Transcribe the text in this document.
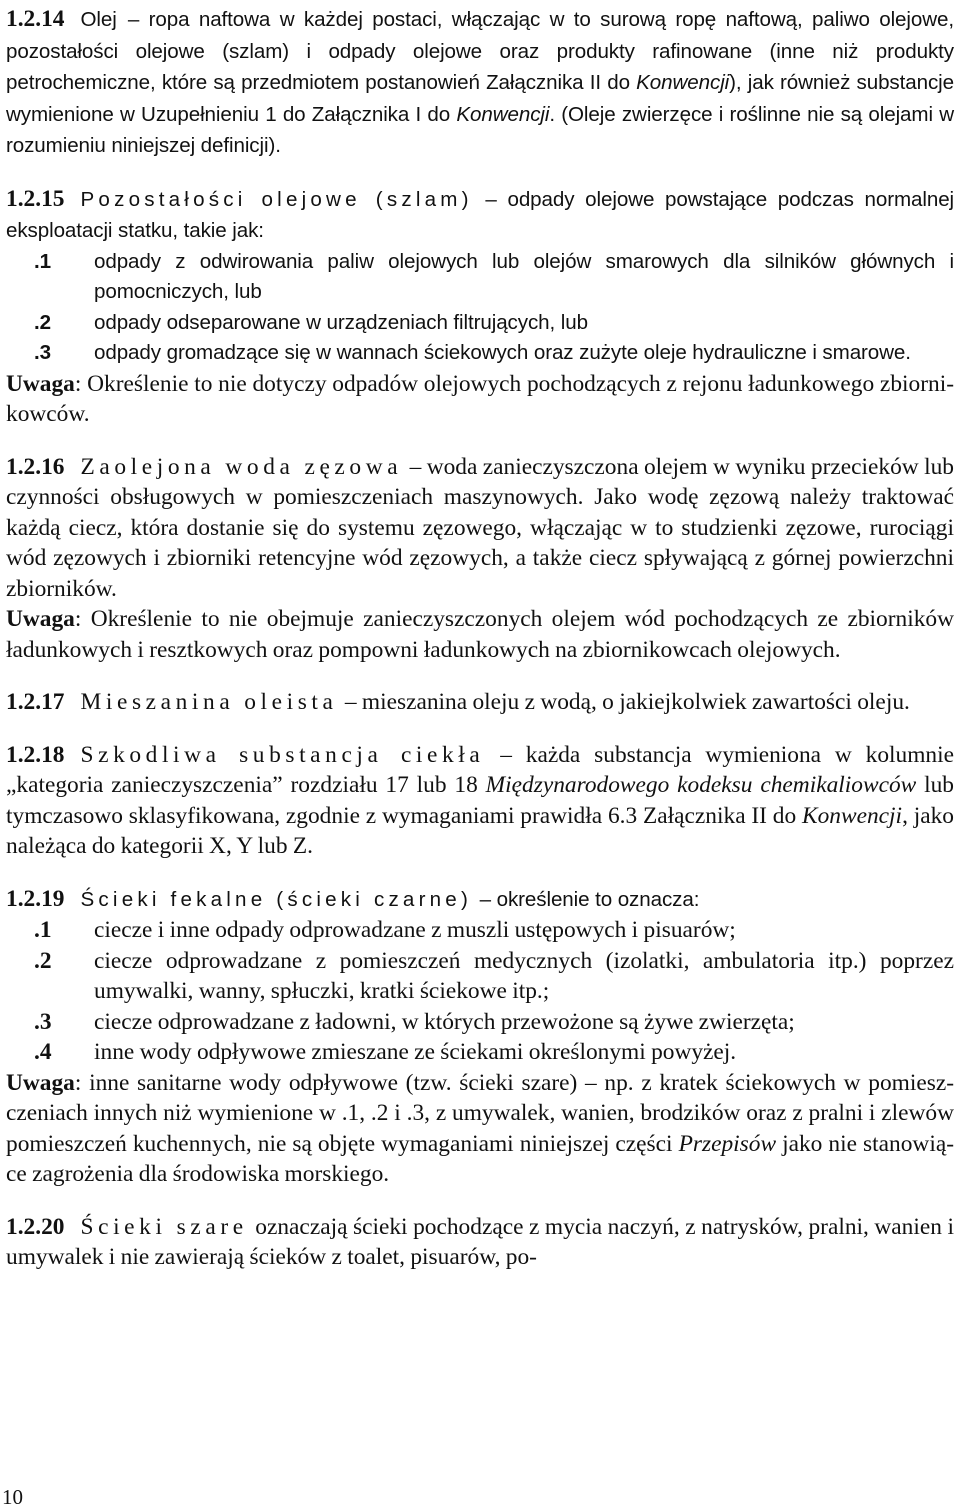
1.2.14 Olej – ropa naftowa w każdej postaci, włączając w to surową ropę naftową, paliwo olejowe, pozostałości olejowe (szlam) i odpady olejowe oraz produkty rafinowane (inne niż produkty petrochemiczne, które są przedmiotem postanowień Załącznika II do Konwencji), jak również substancje wymienione w Uzupełnieniu 1 do Załącznika I do Konwencji. (Oleje zwierzęce i roślinne nie są olejami w rozumieniu niniejszej definicji).

1.2.15 Pozostałości olejowe (szlam) – odpady olejowe powstające podczas normalnej eksploatacji statku, takie jak:

.1 odpady z odwirowania paliw olejowych lub olejów smarowych dla silników głównych i pomocniczych, lub
.2 odpady odseparowane w urządzeniach filtrujących, lub
.3 odpady gromadzące się w wannach ściekowych oraz zużyte oleje hydrauliczne i smarowe.

Uwaga: Określenie to nie dotyczy odpadów olejowych pochodzących z rejonu ładunkowego zbiornikowców.

1.2.16 Zaolejona woda zęzowa – woda zanieczyszczona olejem w wyniku przecieków lub czynności obsługowych w pomieszczeniach maszynowych. Jako wodę zęzową należy traktować każdą ciecz, która dostanie się do systemu zęzowego, włączając w to studzienki zęzowe, rurociągi wód zęzowych i zbiorniki retencyjne wód zęzowych, a także ciecz spływającą z górnej powierzchni zbiorników.

Uwaga: Określenie to nie obejmuje zanieczyszczonych olejem wód pochodzących ze zbiorników ładunkowych i resztkowych oraz pompowni ładunkowych na zbiornikowcach olejowych.

1.2.17 Mieszanina oleista – mieszanina oleju z wodą, o jakiejkolwiek zawartości oleju.

1.2.18 Szkodliwa substancja ciekła – każda substancja wymieniona w kolumnie „kategoria zanieczyszczenia” rozdziału 17 lub 18 Międzynarodowego kodeksu chemikaliowców lub tymczasowo sklasyfikowana, zgodnie z wymaganiami prawidła 6.3 Załącznika II do Konwencji, jako należąca do kategorii X, Y lub Z.

1.2.19 Ścieki fekalne (ścieki czarne) – określenie to oznacza:

.1 ciecze i inne odpady odprowadzane z muszli ustępowych i pisuarów;
.2 ciecze odprowadzane z pomieszczeń medycznych (izolatki, ambulatoria itp.) poprzez umywalki, wanny, spłuczki, kratki ściekowe itp.;
.3 ciecze odprowadzane z ładowni, w których przewożone są żywe zwierzęta;
.4 inne wody odpływowe zmieszane ze ściekami określonymi powyżej.

Uwaga: inne sanitarne wody odpływowe (tzw. ścieki szare) – np. z kratek ściekowych w pomieszczeniach innych niż wymienione w .1, .2 i .3, z umywalek, wanien, brodzików oraz z pralni i zlewów pomieszczeń kuchennych, nie są objęte wymaganiami niniejszej części Przepisów jako nie stanowiące zagrożenia dla środowiska morskiego.

1.2.20 Ścieki szare oznaczają ścieki pochodzące z mycia naczyń, z natrysków, pralni, wanien i umywalek i nie zawierają ścieków z toalet, pisuarów, po-

10
